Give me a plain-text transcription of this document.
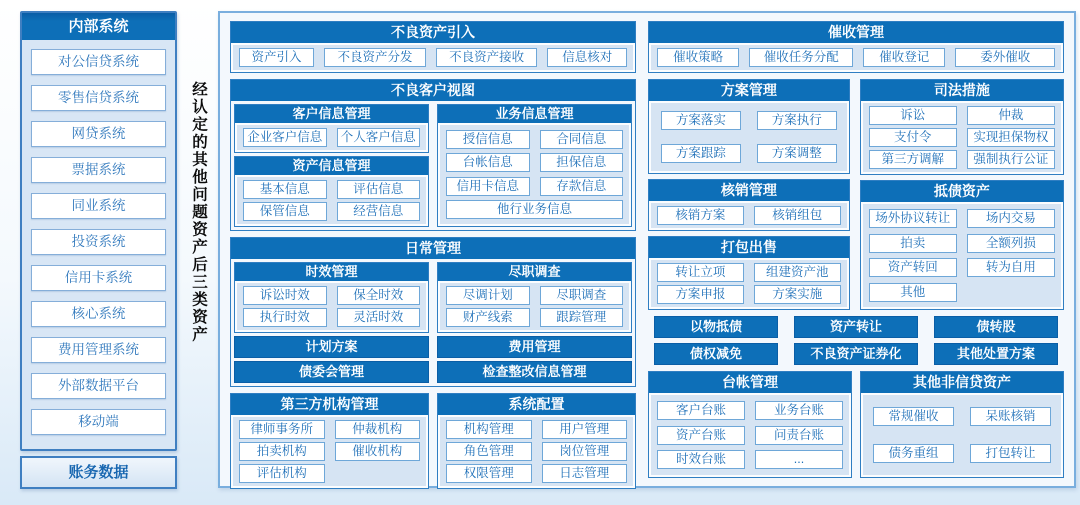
内部系统
对公信贷系统
零售信贷系统
网贷系统
票据系统
同业系统
投资系统
信用卡系统
核心系统
费用管理系统
外部数据平台
移动端
账务数据
经认定的其他问题资产后三类资产
不良资产引入
资产引入	不良资产分发	不良资产接收	信息核对
不良客户视图
客户信息管理
企业客户信息	个人客户信息
资产信息管理
基本信息	评估信息
保管信息	经营信息
业务信息管理
授信信息	合同信息
台帐信息	担保信息
信用卡信息	存款信息
他行业务信息
日常管理
时效管理
诉讼时效	保全时效
执行时效	灵活时效
计划方案
债委会管理
尽职调查
尽调计划	尽职调查
财产线索	跟踪管理
费用管理
检查整改信息管理
第三方机构管理
律师事务所	仲裁机构
拍卖机构	催收机构
评估机构
系统配置
机构管理	用户管理
角色管理	岗位管理
权限管理	日志管理
催收管理
催收策略	催收任务分配	催收登记	委外催收
方案管理
方案落实	方案执行
方案跟踪	方案调整
核销管理
核销方案	核销组包
打包出售
转让立项	组建资产池
方案申报	方案实施
司法措施
诉讼	仲裁
支付令	实现担保物权
第三方调解	强制执行公证
抵债资产
场外协议转让	场内交易
拍卖	全额列损
资产转回	转为自用
其他
以物抵债	资产转让	债转股
债权减免	不良资产证券化	其他处置方案
台帐管理
客户台账	业务台账
资产台账	问责台账
时效台账	...
其他非信贷资产
常规催收	呆账核销
债务重组	打包转让
